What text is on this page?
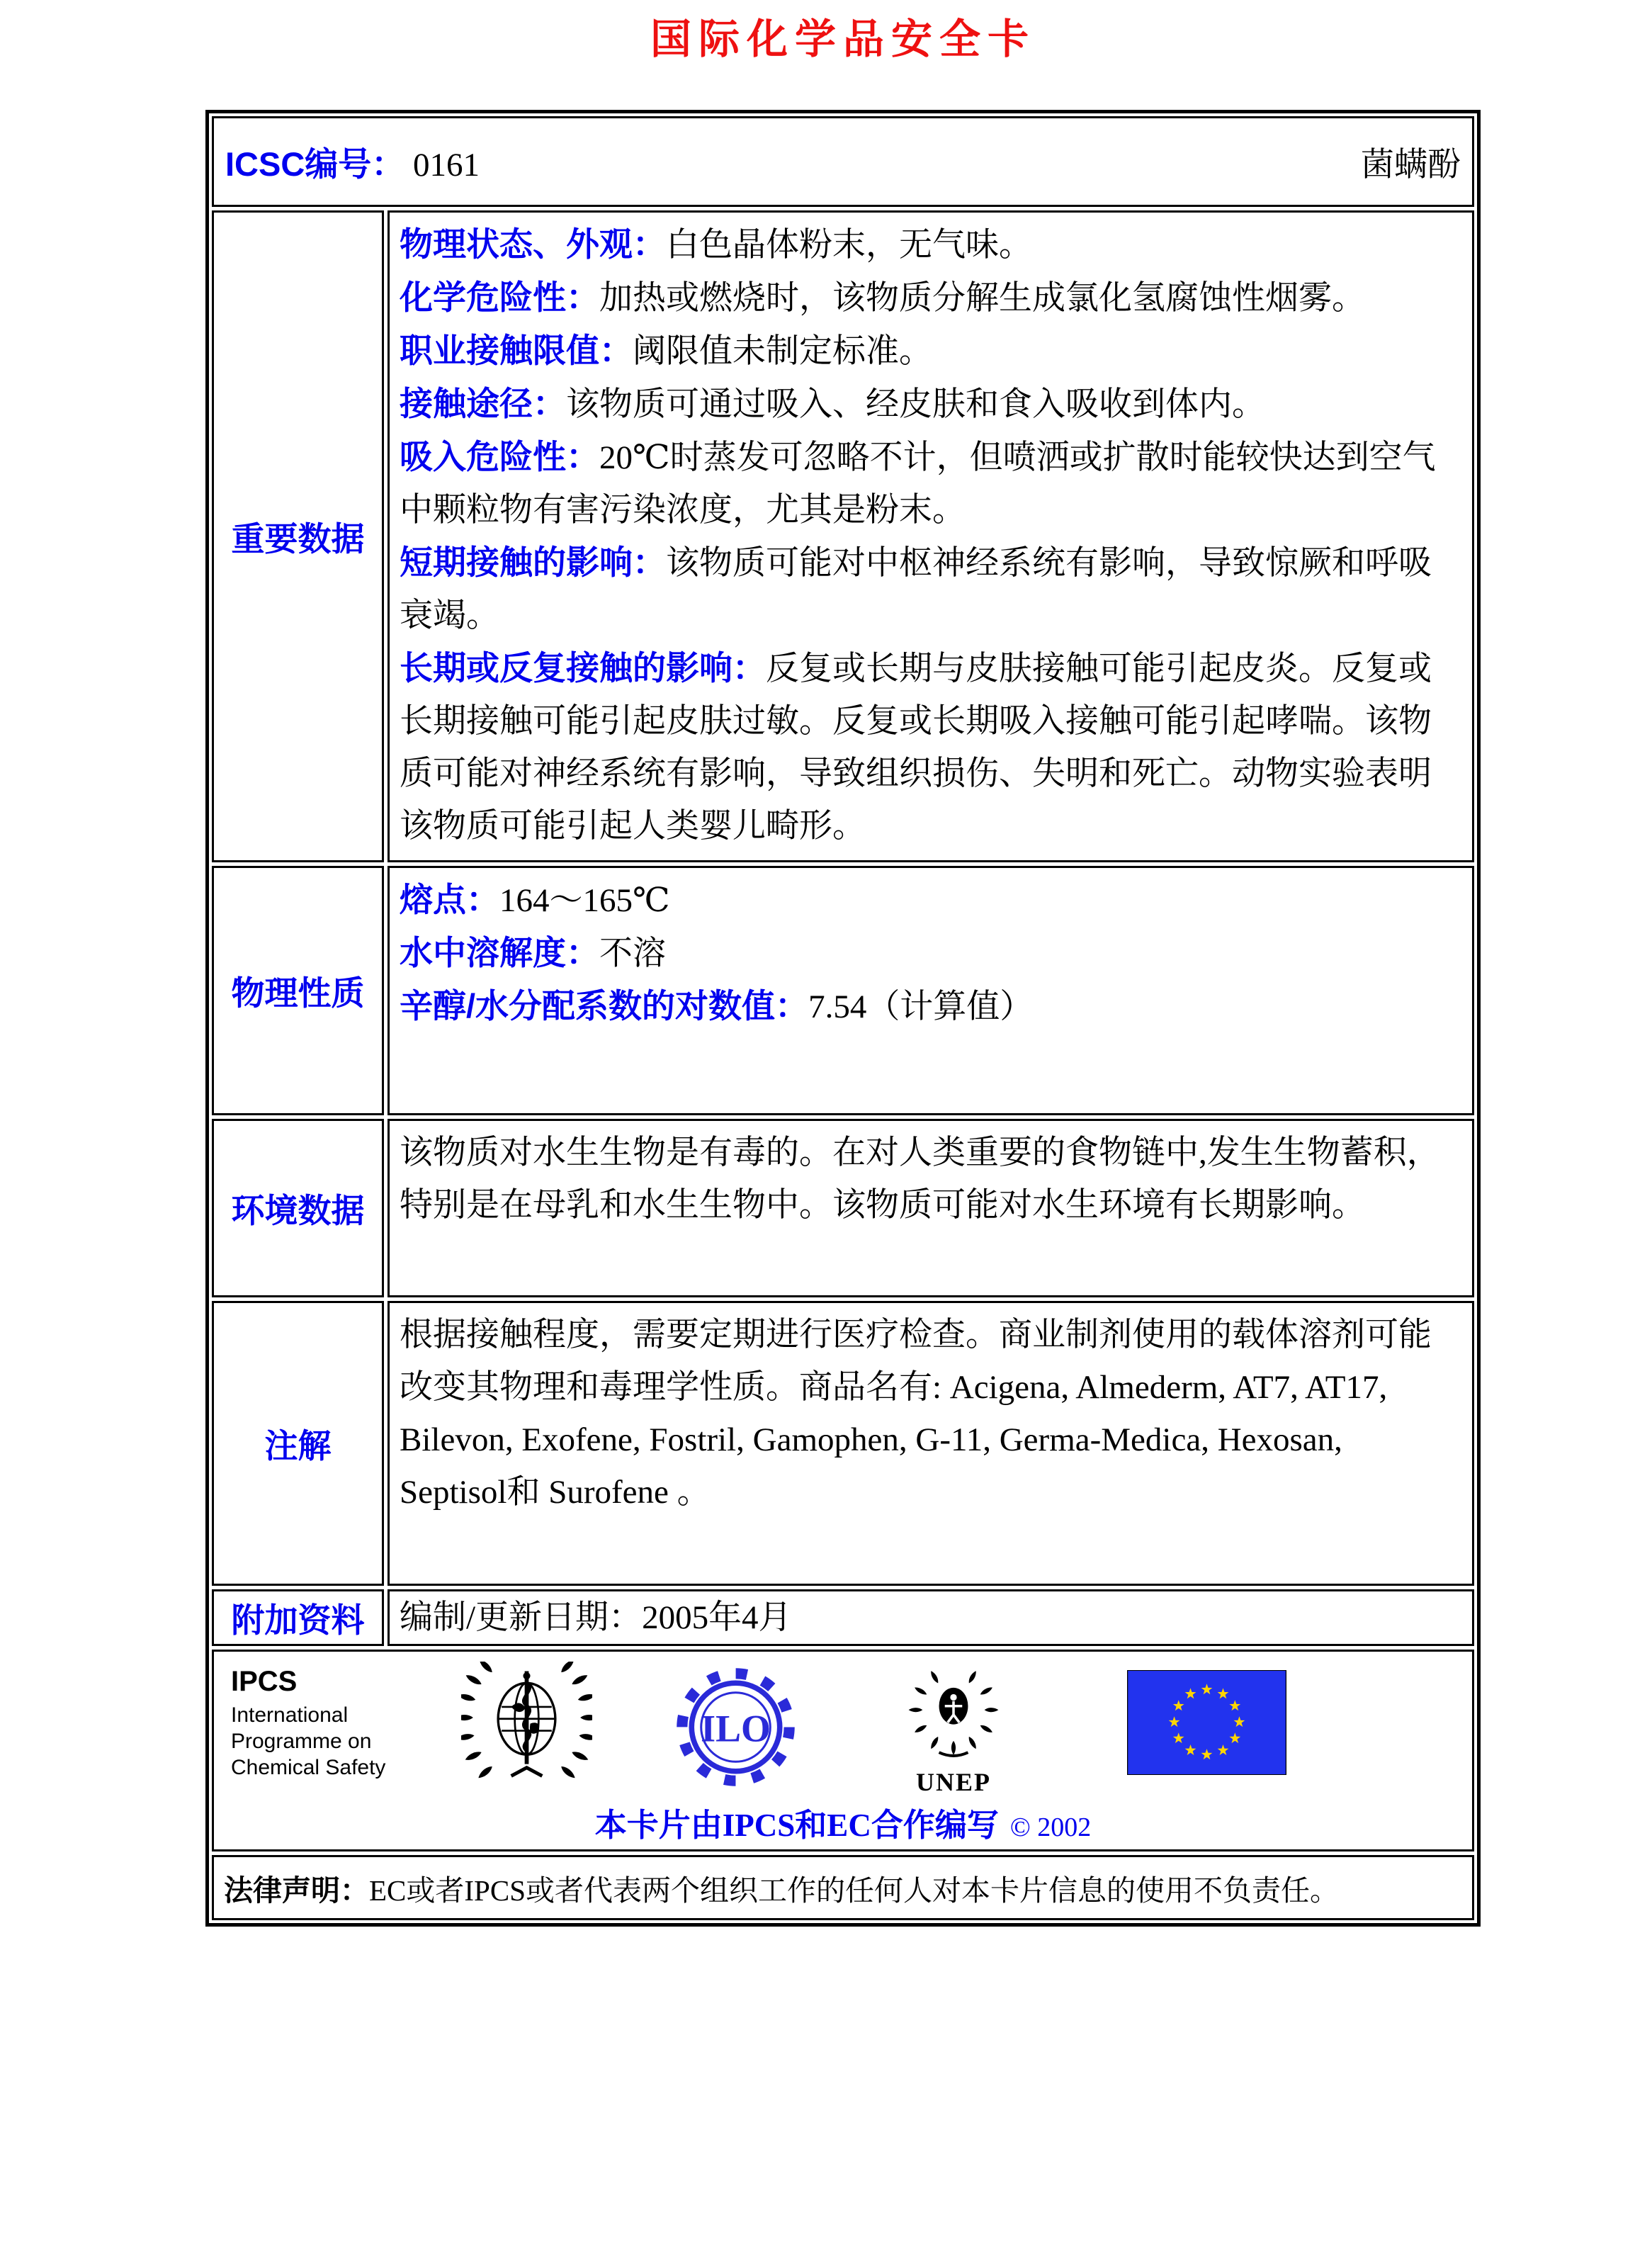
国际化学品安全卡
ICSC编号： 0161	菌螨酚
重要数据

物理状态、外观：白色晶体粉末，无气味。

化学危险性：加热或燃烧时，该物质分解生成氯化氢腐蚀性烟雾。

职业接触限值：阈限值未制定标准。

接触途径：该物质可通过吸入、经皮肤和食入吸收到体内。

吸入危险性：20℃时蒸发可忽略不计，但喷洒或扩散时能较快达到空气中颗粒物有害污染浓度，尤其是粉末。

短期接触的影响：该物质可能对中枢神经系统有影响，导致惊厥和呼吸衰竭。

长期或反复接触的影响：反复或长期与皮肤接触可能引起皮炎。反复或长期接触可能引起皮肤过敏。反复或长期吸入接触可能引起哮喘。该物质可能对神经系统有影响，导致组织损伤、失明和死亡。动物实验表明该物质可能引起人类婴儿畸形。

物理性质

熔点：164～165℃

水中溶解度：不溶

辛醇/水分配系数的对数值：7.54（计算值）

环境数据

该物质对水生生物是有毒的。在对人类重要的食物链中,发生生物蓄积，特别是在母乳和水生生物中。该物质可能对水生环境有长期影响。

注解

根据接触程度，需要定期进行医疗检查。商业制剂使用的载体溶剂可能改变其物理和毒理学性质。商品名有: Acigena, Almederm, AT7, AT17, Bilevon, Exofene, Fostril, Gamophen, G-11, Germa-Medica, Hexosan, Septisol和 Surofene 。

附加资料	编制/更新日期：2005年4月

IPCS

International
Programme on
Chemical Safety
ILO
UNEP
本卡片由IPCS和EC合作编写 © 2002

法律声明：EC或者IPCS或者代表两个组织工作的任何人对本卡片信息的使用不负责任。
